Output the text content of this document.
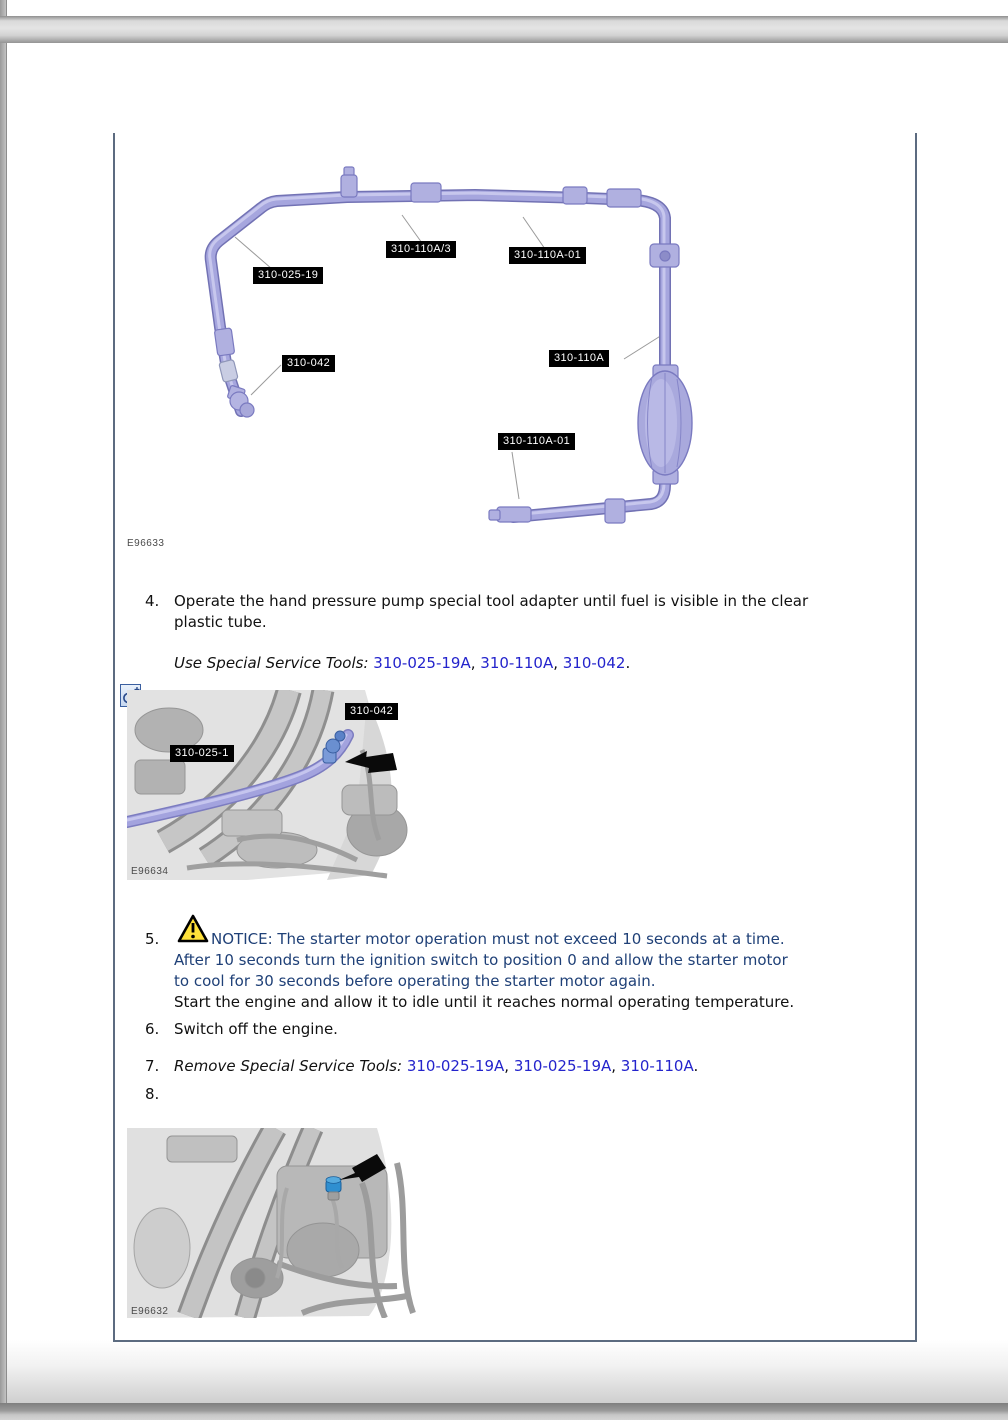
310-110A/3	310-110A-01
310-025-19
310-042	310-110A
310-110A-01
E96633
4. Operate the hand pressure pump special tool adapter until fuel is visible in the clear
plastic tube.
Use Special Service Tools: 310-025-19A, 310-110A, 310-042.
310-025-1
310-042
E96634
5.	NOTICE: The starter motor operation must not exceed 10 seconds at a time.
After 10 seconds turn the ignition switch to position 0 and allow the starter motor
to cool for 30 seconds before operating the starter motor again.
Start the engine and allow it to idle until it reaches normal operating temperature.
6. Switch off the engine.
7. Remove Special Service Tools: 310-025-19A, 310-025-19A, 310-110A.
8.
E96632
